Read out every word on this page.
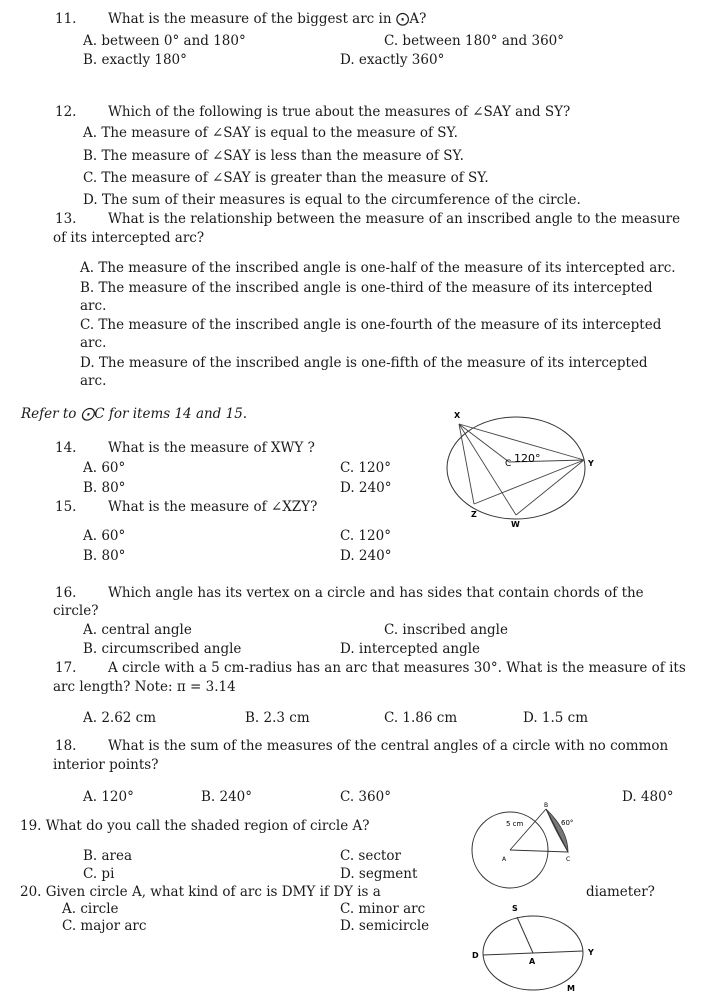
11. What is the measure of the biggest arc in ⨀A?
A. between 0° and 180°	C. between 180° and 360°
B. exactly 180°	D. exactly 360°
12. Which of the following is true about the measures of ∠SAY and SY?
A. The measure of ∠SAY is equal to the measure of SY.
B. The measure of ∠SAY is less than the measure of SY.
C. The measure of ∠SAY is greater than the measure of SY.
D. The sum of their measures is equal to the circumference of the circle.
13. What is the relationship between the measure of an inscribed angle to the measure
of its intercepted arc?
A. The measure of the inscribed angle is one-half of the measure of its intercepted arc.
B. The measure of the inscribed angle is one-third of the measure of its intercepted
arc.
C. The measure of the inscribed angle is one-fourth of the measure of its intercepted
arc.
D. The measure of the inscribed angle is one-fifth of the measure of its intercepted
arc.
Refer to ⨀C for items 14 and 15.
14. What is the measure of XWY ?
A. 60°	C. 120°
B. 80°	D. 240°
15. What is the measure of ∠XZY?
A. 60°	C. 120°
B. 80°	D. 240°
X
Y
Z
W
C 120°
16. Which angle has its vertex on a circle and has sides that contain chords of the
circle?
A. central angle	C. inscribed angle
B. circumscribed angle	D. intercepted angle
17. A circle with a 5 cm-radius has an arc that measures 30°. What is the measure of its
arc length? Note: π = 3.14
A. 2.62 cm	B. 2.3 cm	C. 1.86 cm	D. 1.5 cm
18. What is the sum of the measures of the central angles of a circle with no common
interior points?
A. 120°	B. 240°	C. 360°	D. 480°
19. What do you call the shaded region of circle A?
B. area	C. sector
C. pi	D. segment
B
5 cm	60°
A	C
20. Given circle A, what kind of arc is DMY if DY is a	diameter?
A. circle	C. minor arc
C. major arc	D. semicircle
S
D
A
Y
M
